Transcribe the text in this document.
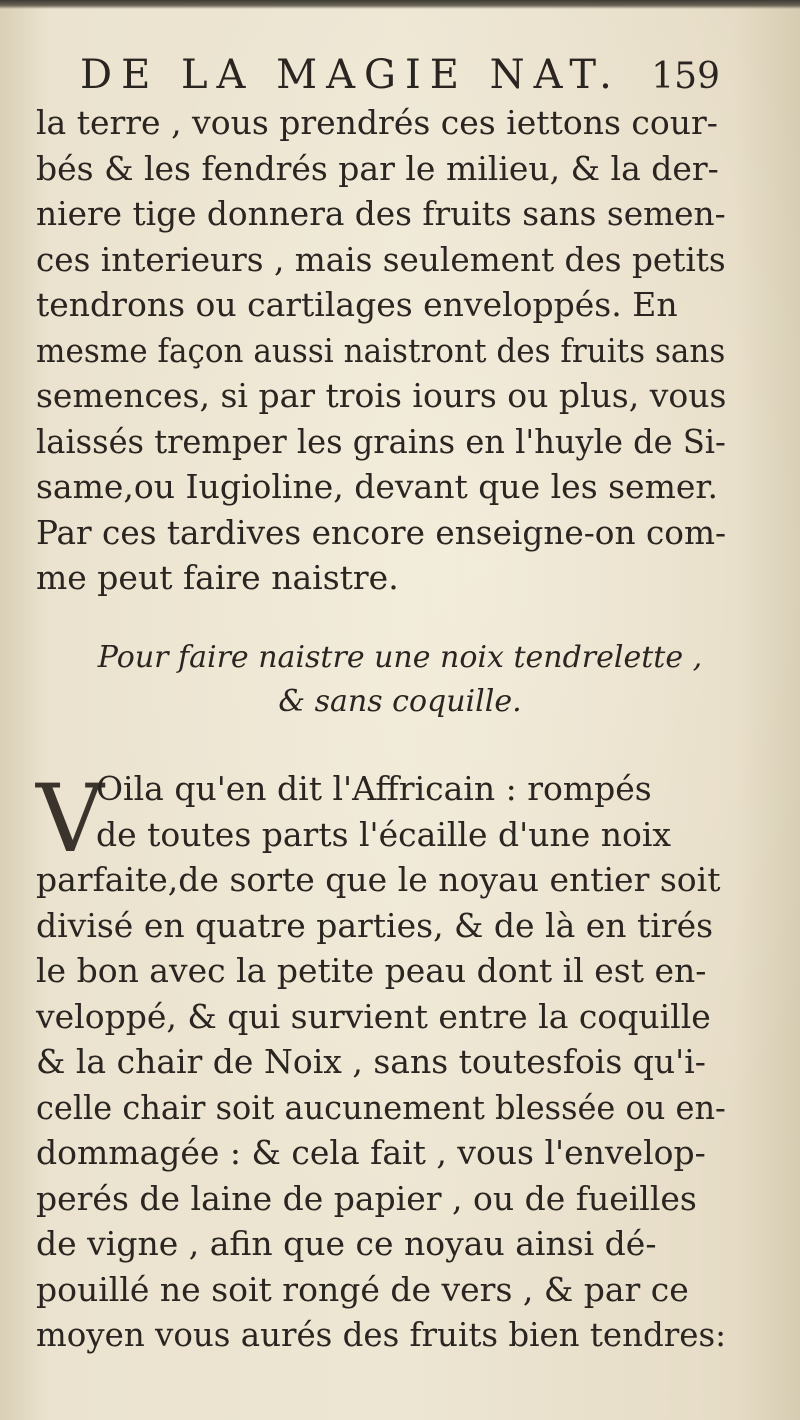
DE LA MAGIE NAT. 159
la terre , vous prendrés ces iettons cour-
bés & les fendrés par le milieu, & la der-
niere tige donnera des fruits sans semen-
ces interieurs , mais seulement des petits
tendrons ou cartilages enveloppés. En
mesme façon aussi naistront des fruits sans
semences, si par trois iours ou plus, vous
laissés tremper les grains en l'huyle de Si-
same,ou Iugioline, devant que les semer.
Par ces tardives encore enseigne-on com-
me peut faire naistre.
Pour faire naistre une noix tendrelette ,
& sans coquille.
V
Oila qu'en dit l'Affricain : rompés
de toutes parts l'écaille d'une noix
parfaite,de sorte que le noyau entier soit
divisé en quatre parties, & de là en tirés
le bon avec la petite peau dont il est en-
veloppé, & qui survient entre la coquille
& la chair de Noix , sans toutesfois qu'i-
celle chair soit aucunement blessée ou en-
dommagée : & cela fait , vous l'envelop-
perés de laine de papier , ou de fueilles
de vigne , afin que ce noyau ainsi dé-
pouillé ne soit rongé de vers , & par ce
moyen vous aurés des fruits bien tendres:
